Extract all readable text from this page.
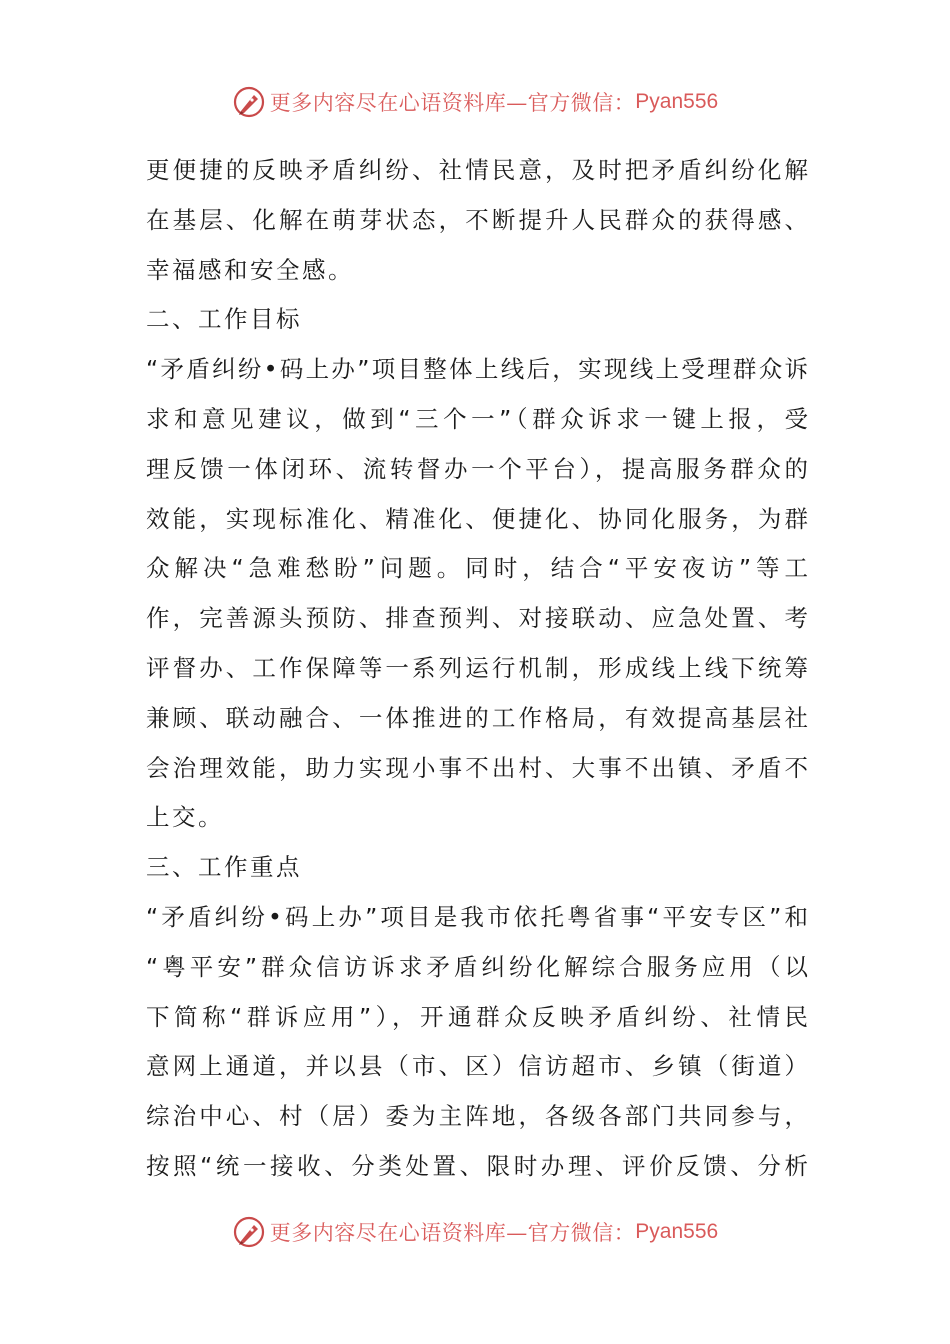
更多内容尽在心语资料库—官方微信： Pyan556
更便捷的反映矛盾纠纷、社情民意，及时把矛盾纠纷化解
在基层、化解在萌芽状态，不断提升人民群众的获得感、
幸福感和安全感。
二、工作目标
“矛盾纠纷•码上办”项目整体上线后，实现线上受理群众诉
求和意见建议，做到“三个一”（群众诉求一键上报，受
理反馈一体闭环、流转督办一个平台），提高服务群众的
效能，实现标准化、精准化、便捷化、协同化服务，为群
众解决“急难愁盼”问题。同时，结合“平安夜访”等工
作，完善源头预防、排查预判、对接联动、应急处置、考
评督办、工作保障等一系列运行机制，形成线上线下统筹
兼顾、联动融合、一体推进的工作格局，有效提高基层社
会治理效能，助力实现小事不出村、大事不出镇、矛盾不
上交。
三、工作重点
“矛盾纠纷•码上办”项目是我市依托粤省事“平安专区”和
“粤平安”群众信访诉求矛盾纠纷化解综合服务应用（以
下简称“群诉应用”），开通群众反映矛盾纠纷、社情民
意网上通道，并以县（市、区）信访超市、乡镇（街道）
综治中心、村（居）委为主阵地，各级各部门共同参与，
按照“统一接收、分类处置、限时办理、评价反馈、分析
更多内容尽在心语资料库—官方微信： Pyan556
